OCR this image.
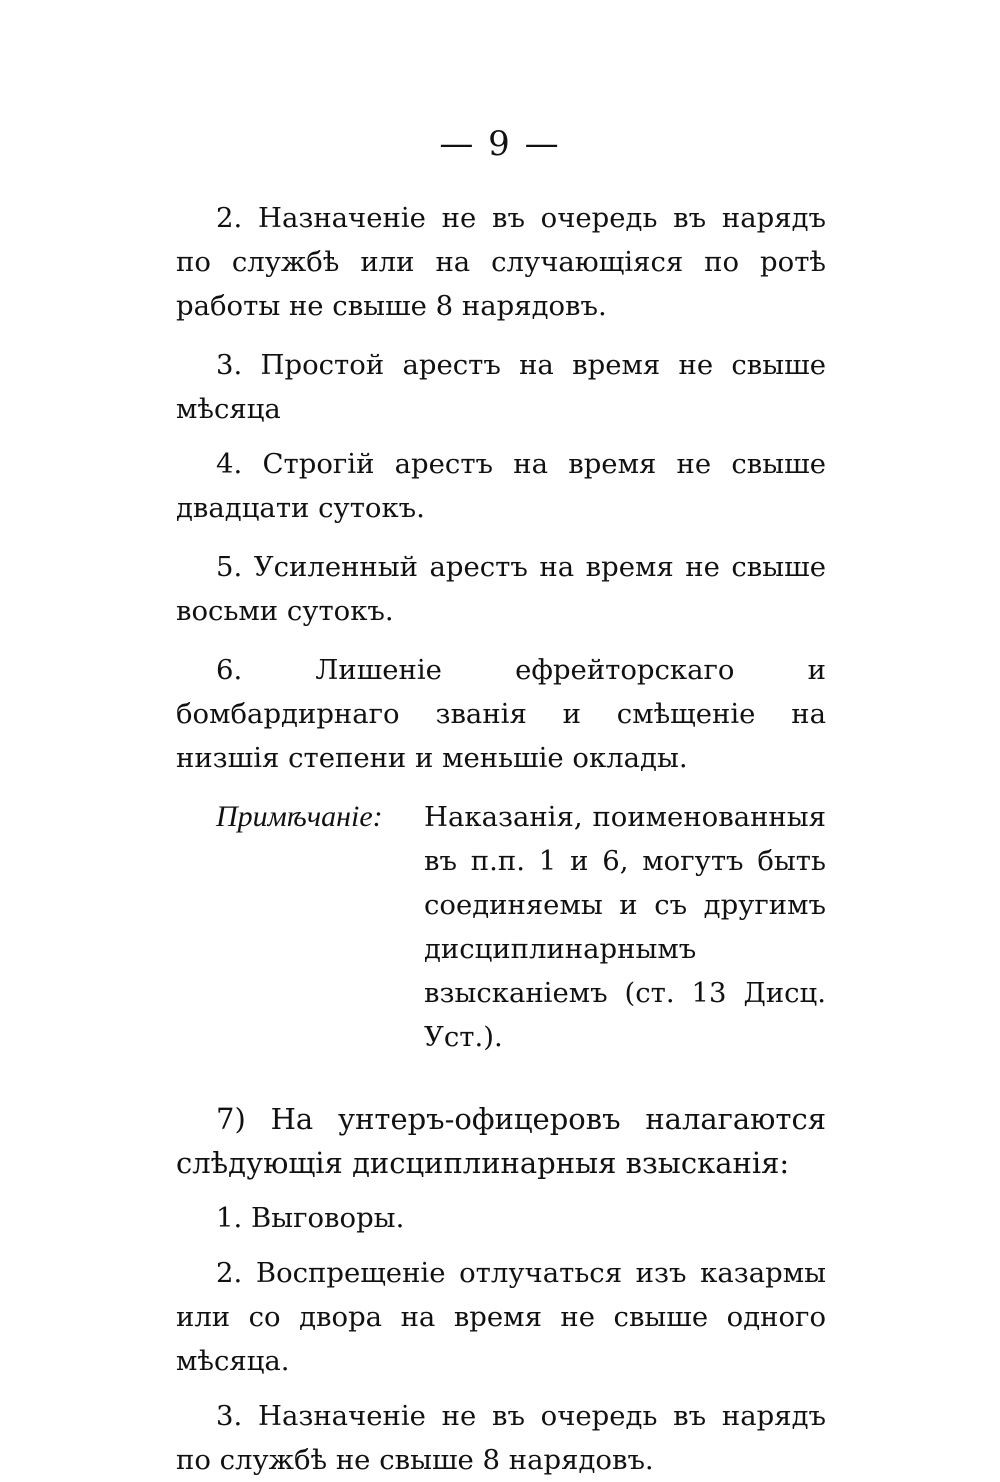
— 9 —

2. Назначеніе не въ очередь въ нарядъ по службѣ или на случающіяся по ротѣ работы не свыше 8 нарядовъ.

3. Простой арестъ на время не свыше мѣсяца

4. Строгій арестъ на время не свыше двадцати сутокъ.

5. Усиленный арестъ на время не свыше восьми сутокъ.

6. Лишеніе ефрейторскаго и бомбардирнаго званія и смѣщеніе на низшія степени и меньшіе оклады.

Примѣчаніе:	Наказанія, поименованныя въ п.п. 1 и 6, могутъ быть соединяемы и съ другимъ дисциплинарнымъ взысканіемъ (ст. 13 Дисц. Уст.).

7) На унтеръ-офицеровъ налагаются слѣдующія дисциплинарныя взысканія:

1. Выговоры.

2. Воспрещеніе отлучаться изъ казармы или со двора на время не свыше одного мѣсяца.

3. Назначеніе не въ очередь въ нарядъ по службѣ не свыше 8 нарядовъ.
